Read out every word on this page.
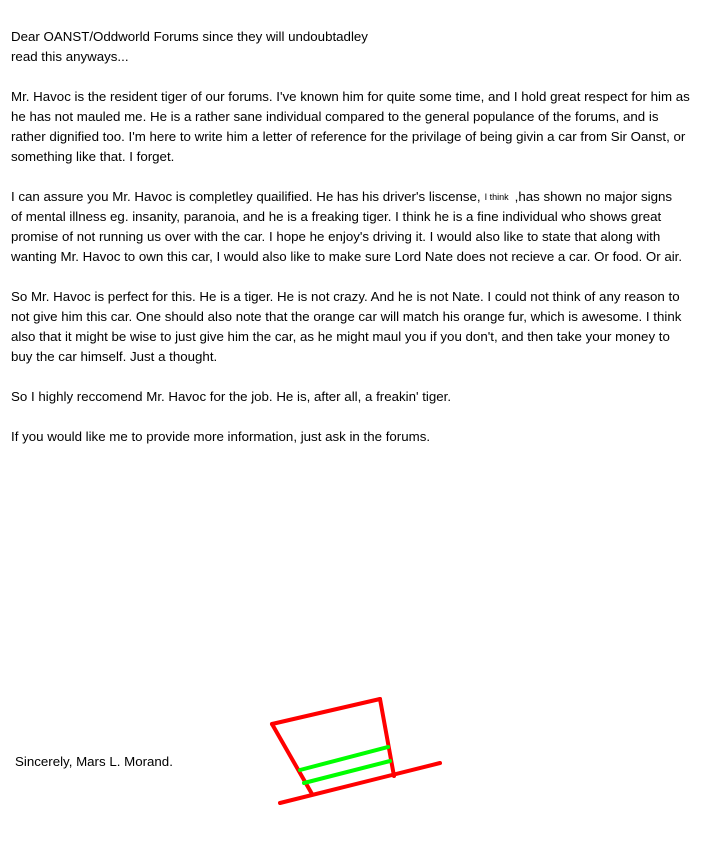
Dear OANST/Oddworld Forums since they will undoubtadley
read this anyways...

Mr. Havoc is the resident tiger of our forums. I've known him for quite some time, and I hold great respect for him as
he has not mauled me. He is a rather sane individual compared to the general populance of the forums, and is
rather dignified too. I'm here to write him a letter of reference for the privilage of being givin a car from Sir Oanst, or
something like that. I forget.

I can assure you Mr. Havoc is completley quailified. He has his driver's liscense, I think ,has shown no major signs
of mental illness eg. insanity, paranoia, and he is a freaking tiger. I think he is a fine individual who shows great
promise of not running us over with the car. I hope he enjoy's driving it. I would also like to state that along with
wanting Mr. Havoc to own this car, I would also like to make sure Lord Nate does not recieve a car. Or food. Or air.

So Mr. Havoc is perfect for this. He is a tiger. He is not crazy. And he is not Nate. I could not think of any reason to
not give him this car. One should also note that the orange car will match his orange fur, which is awesome. I think
also that it might be wise to just give him the car, as he might maul you if you don't, and then take your money to
buy the car himself. Just a thought.

So I highly reccomend Mr. Havoc for the job. He is, after all, a freakin' tiger.

If you would like me to provide more information, just ask in the forums.

Sincerely, Mars L. Morand.
